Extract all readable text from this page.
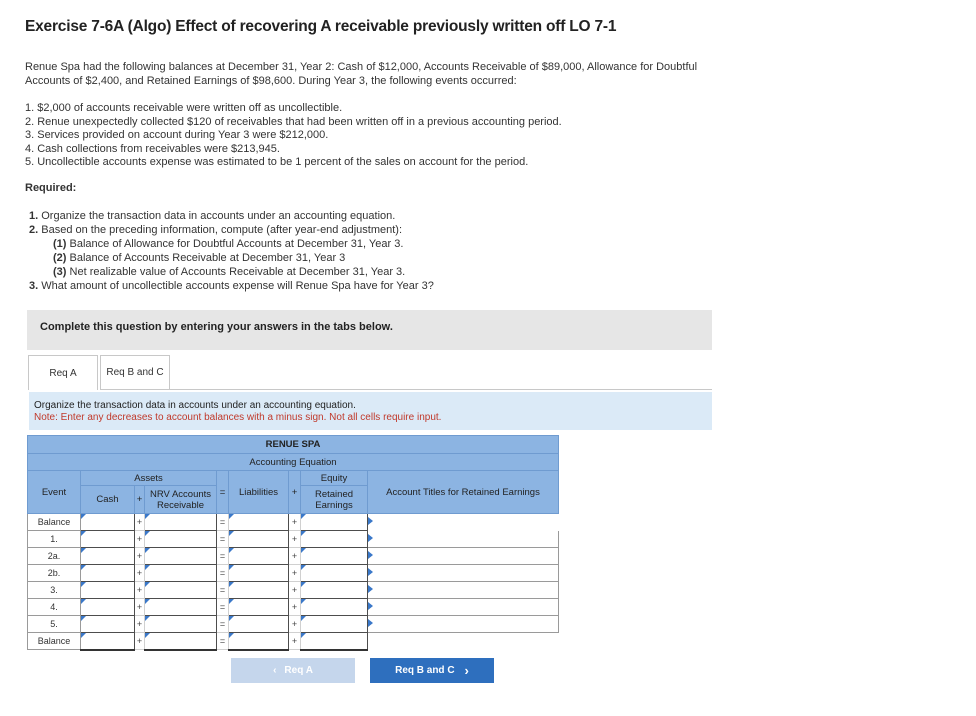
Exercise 7-6A (Algo) Effect of recovering A receivable previously written off LO 7-1
Renue Spa had the following balances at December 31, Year 2: Cash of $12,000, Accounts Receivable of $89,000, Allowance for Doubtful Accounts of $2,400, and Retained Earnings of $98,600. During Year 3, the following events occurred:
1. $2,000 of accounts receivable were written off as uncollectible.
2. Renue unexpectedly collected $120 of receivables that had been written off in a previous accounting period.
3. Services provided on account during Year 3 were $212,000.
4. Cash collections from receivables were $213,945.
5. Uncollectible accounts expense was estimated to be 1 percent of the sales on account for the period.
Required:
1. Organize the transaction data in accounts under an accounting equation.
2. Based on the preceding information, compute (after year-end adjustment):
(1) Balance of Allowance for Doubtful Accounts at December 31, Year 3.
(2) Balance of Accounts Receivable at December 31, Year 3
(3) Net realizable value of Accounts Receivable at December 31, Year 3.
3. What amount of uncollectible accounts expense will Renue Spa have for Year 3?
Complete this question by entering your answers in the tabs below.
Req A	Req B and C
Organize the transaction data in accounts under an accounting equation.
Note: Enter any decreases to account balances with a minus sign. Not all cells require input.
RENUE SPA								
Accounting Equation								
Event	Assets			=	Liabilities	+	Equity	Account Titles for Retained Earnings
	Cash	+	NRV Accounts Receivable				Retained Earnings	
Balance		+		=		+		
1.		+		=		+		
2a.		+		=		+		
2b.		+		=		+		
3.		+		=		+		
4.		+		=		+		
5.		+		=		+		
Balance		+		=		+		
‹ Req A	Req B and C ›
